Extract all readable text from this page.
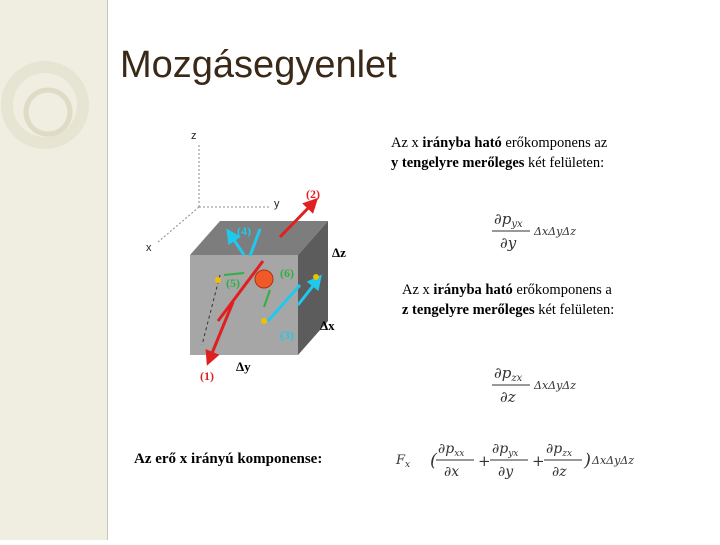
Mozgásegyenlet
z
y
x
(2)
(4)
(5)
(6)
(3)
(1)
Δz
Δx
Δy
Az x irányba ható erőkomponens az
y tengelyre merőleges két felületen:
$\partial p_{yx}$
∂y
ΔxΔyΔz
Az x irányba ható erőkomponens a
z tengelyre merőleges két felületen:
$\partial p_{zx}$
∂z
ΔxΔyΔz
Az erő x irányú komponense:	$F_x$ (
$\partial p_{xx}$
∂x
+
$\partial p_{yx}$
∂y
+
$\partial p_{zx}$
∂z
) ΔxΔyΔz
